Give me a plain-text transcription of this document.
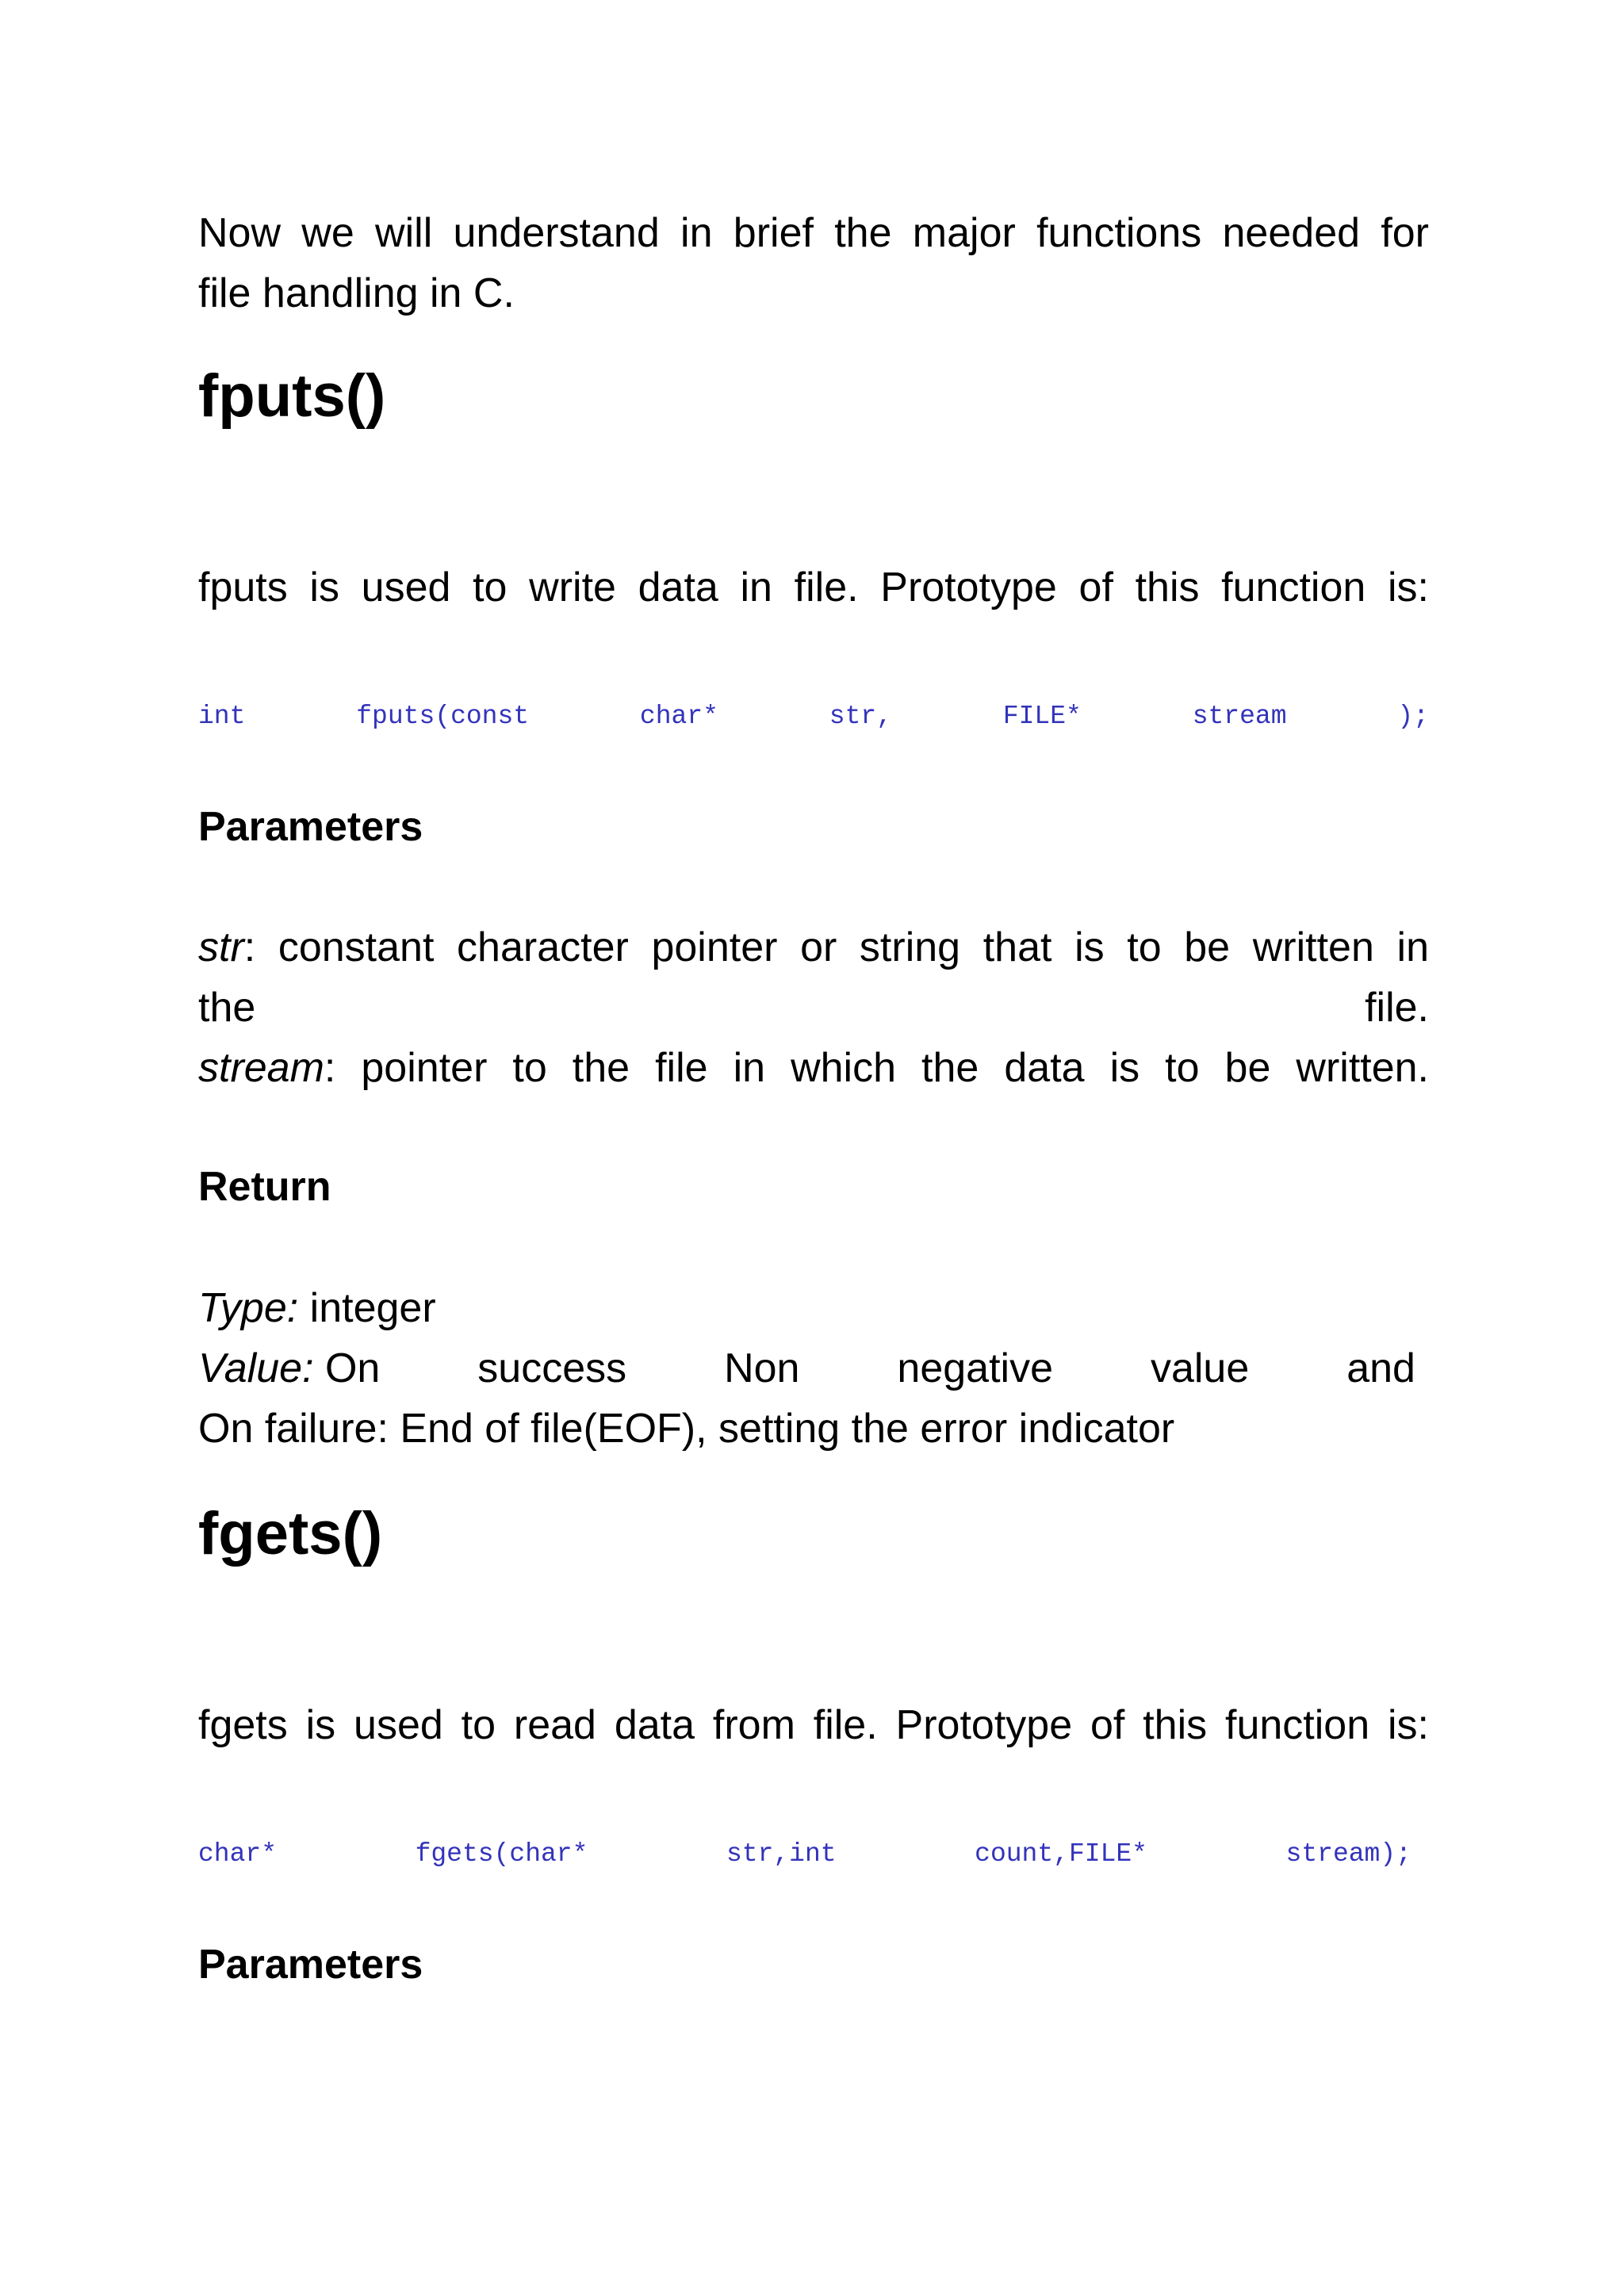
Now we will understand in brief the major functions needed for

file handling in C.

fputs()

fputs is used to write data in file. Prototype of this function is:

int	fputs(const	char*	str,	FILE*	stream	);
Parameters
str: constant character pointer or string that is to be written in
the	file.
stream: pointer to the file in which the data is to be written.
Return
Type: integer
Value: On success Non negative value and
On failure: End of file(EOF), setting the error indicator
fgets()

fgets is used to read data from file. Prototype of this function is:

char*	fgets(char*	str,int	count,FILE*	stream);
Parameters
